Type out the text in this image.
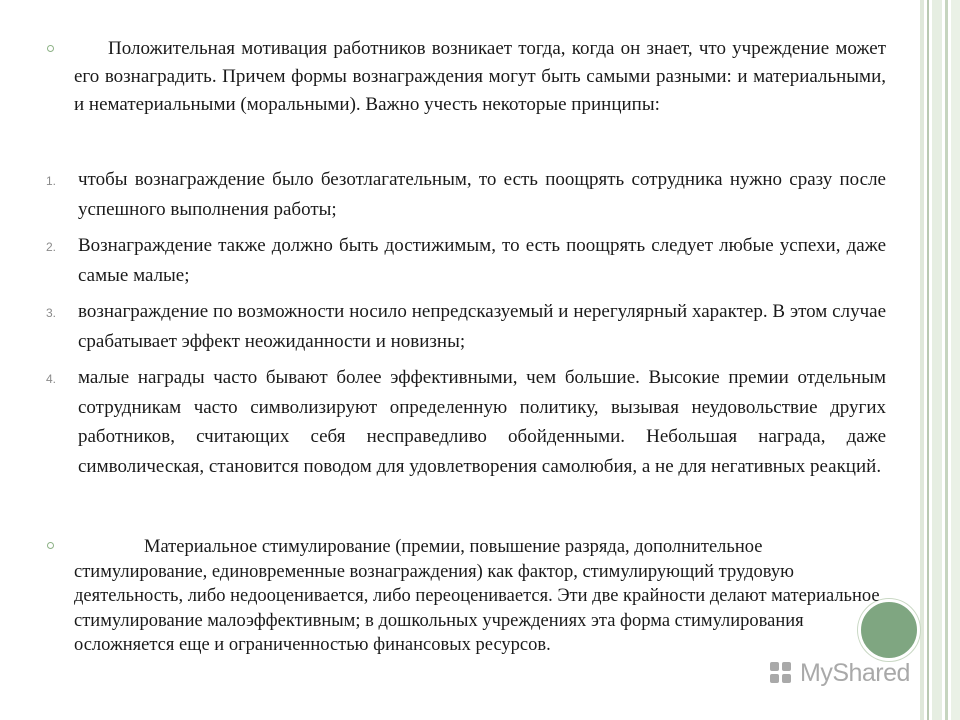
Положительная мотивация работников возникает тогда, когда он знает, что учреждение может его вознаградить. Причем формы вознаграждения могут быть самыми разными: и материальными, и нематериальными (моральными). Важно учесть некоторые принципы:
1. чтобы вознаграждение было безотлагательным, то есть поощрять сотрудника нужно сразу после успешного выполнения работы;
2. Вознаграждение также должно быть достижимым, то есть поощрять следует любые успехи, даже самые малые;
3. вознаграждение по возможности носило непредсказуемый и нерегулярный характер. В этом случае срабатывает эффект неожиданности и новизны;
4. малые награды часто бывают более эффективными, чем большие. Высокие премии отдельным сотрудникам часто символизируют определенную политику, вызывая неудовольствие других работников, считающих себя несправедливо обойденными. Небольшая награда, даже символическая, становится поводом для удовлетворения самолюбия, а не для негативных реакций.
Материальное стимулирование (премии, повышение разряда, дополнительное стимулирование, единовременные вознаграждения) как фактор, стимулирующий трудовую деятельность, либо недооценивается, либо переоценивается. Эти две крайности делают материальное стимулирование малоэффективным; в дошкольных учреждениях эта форма стимулирования осложняется еще и ограниченностью финансовых ресурсов.
MyShared
